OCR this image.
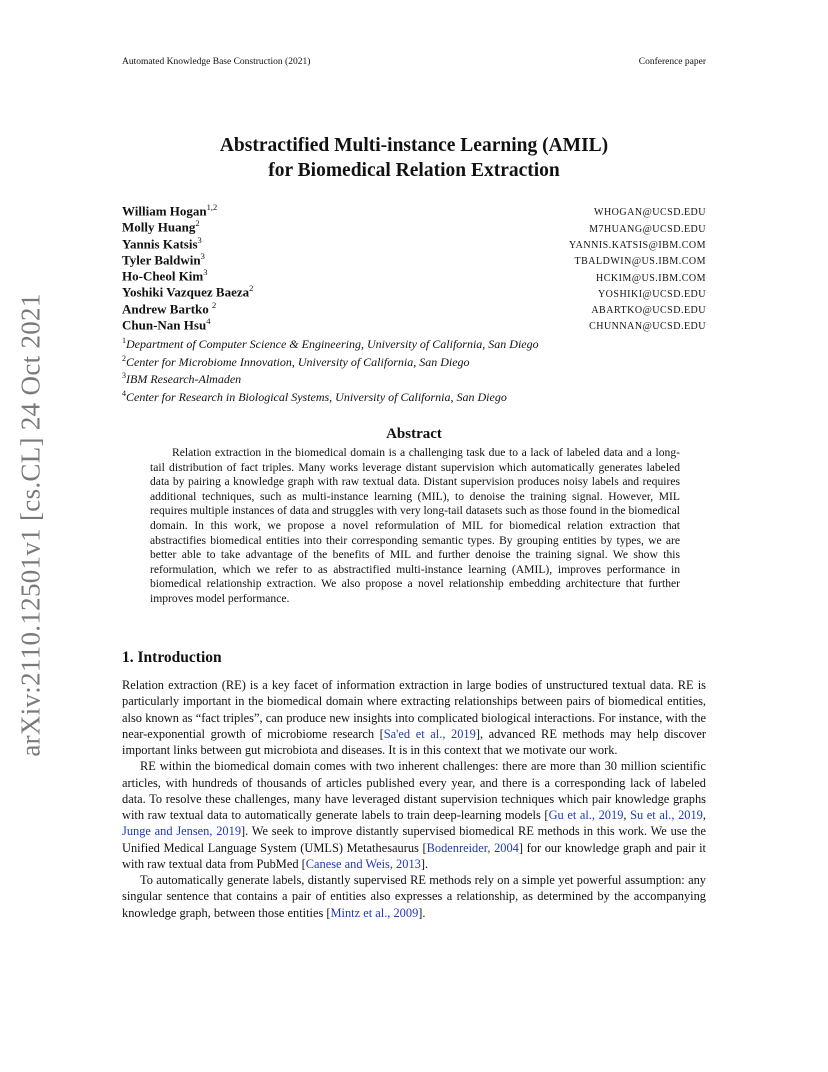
arXiv:2110.12501v1 [cs.CL] 24 Oct 2021
Automated Knowledge Base Construction (2021)	Conference paper
Abstractified Multi-instance Learning (AMIL)
for Biomedical Relation Extraction
William Hogan$^{1,2}$
WHOGAN@UCSD.EDU
Molly Huang$^2$
M7HUANG@UCSD.EDU
Yannis Katsis$^3$
YANNIS.KATSIS@IBM.COM
Tyler Baldwin$^3$
TBALDWIN@US.IBM.COM
Ho-Cheol Kim$^3$
HCKIM@US.IBM.COM
Yoshiki Vazquez Baeza$^2$
YOSHIKI@UCSD.EDU
Andrew Bartko $^2$
ABARTKO@UCSD.EDU
Chun-Nan Hsu$^4$
CHUNNAN@UCSD.EDU
$^1$Department of Computer Science & Engineering, University of California, San Diego
$^2$Center for Microbiome Innovation, University of California, San Diego
$^3$IBM Research-Almaden
$^4$Center for Research in Biological Systems, University of California, San Diego
Abstract
Relation extraction in the biomedical domain is a challenging task due to a lack of labeled data and a long-tail distribution of fact triples. Many works leverage distant supervision which automatically generates labeled data by pairing a knowledge graph with raw textual data. Distant supervision produces noisy labels and requires additional techniques, such as multi-instance learning (MIL), to denoise the training signal. However, MIL requires multiple instances of data and struggles with very long-tail datasets such as those found in the biomedical domain. In this work, we propose a novel reformulation of MIL for biomedical relation extraction that abstractifies biomedical entities into their corresponding semantic types. By grouping entities by types, we are better able to take advantage of the benefits of MIL and further denoise the training signal. We show this reformulation, which we refer to as abstractified multi-instance learning (AMIL), improves performance in biomedical relationship extraction. We also propose a novel relationship embedding architecture that further improves model performance.
1. Introduction

Relation extraction (RE) is a key facet of information extraction in large bodies of unstructured textual data. RE is particularly important in the biomedical domain where extracting relationships between pairs of biomedical entities, also known as “fact triples”, can produce new insights into complicated biological interactions. For instance, with the near-exponential growth of microbiome research [Sa'ed et al., 2019], advanced RE methods may help discover important links between gut microbiota and diseases. It is in this context that we motivate our work.

RE within the biomedical domain comes with two inherent challenges: there are more than 30 million scientific articles, with hundreds of thousands of articles published every year, and there is a corresponding lack of labeled data. To resolve these challenges, many have leveraged distant supervision techniques which pair knowledge graphs with raw textual data to automatically generate labels to train deep-learning models [Gu et al., 2019, Su et al., 2019, Junge and Jensen, 2019]. We seek to improve distantly supervised biomedical RE methods in this work. We use the Unified Medical Language System (UMLS) Metathesaurus [Bodenreider, 2004] for our knowledge graph and pair it with raw textual data from PubMed [Canese and Weis, 2013].

To automatically generate labels, distantly supervised RE methods rely on a simple yet powerful assumption: any singular sentence that contains a pair of entities also expresses a relationship, as determined by the accompanying knowledge graph, between those entities [Mintz et al., 2009].
